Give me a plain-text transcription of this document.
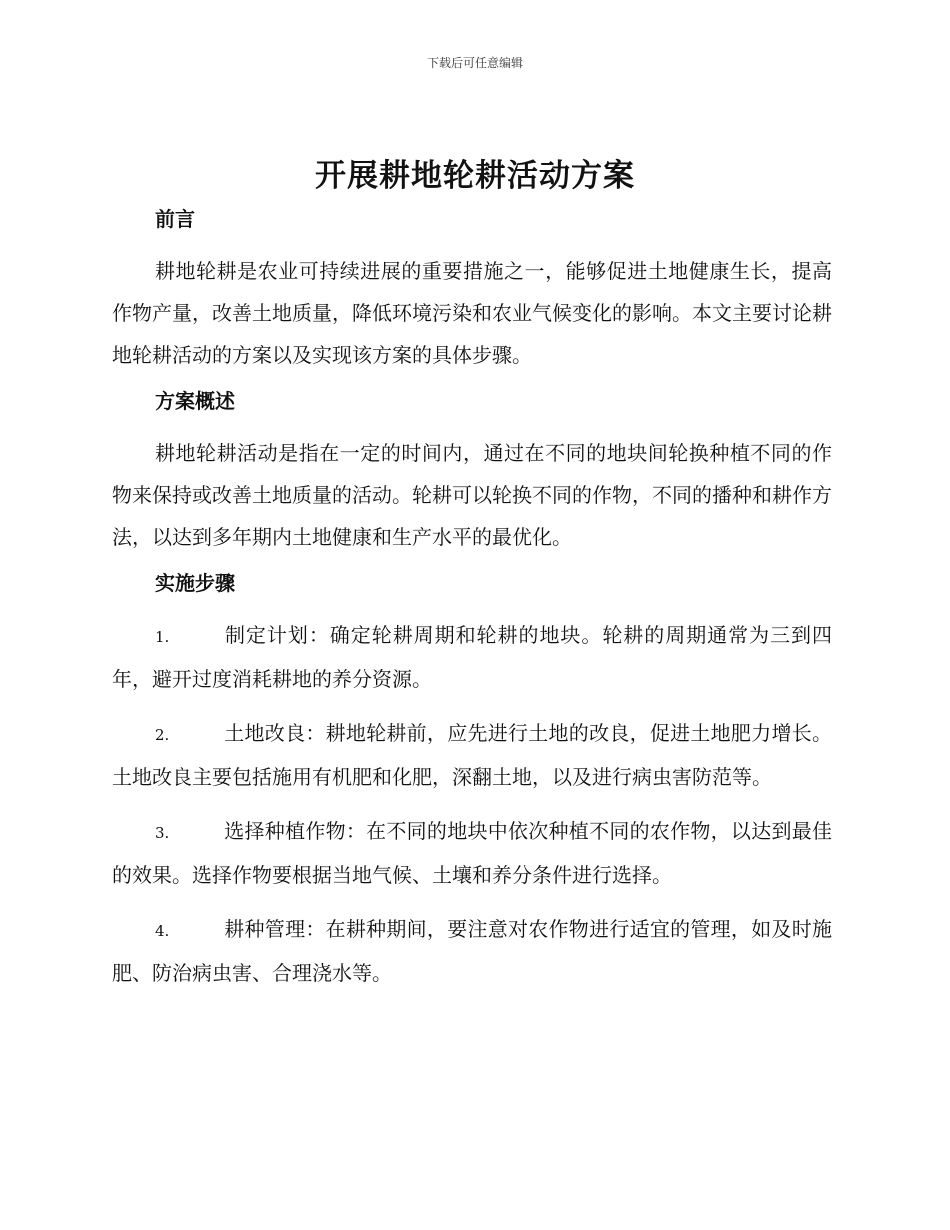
下载后可任意编辑
开展耕地轮耕活动方案
前言

耕地轮耕是农业可持续进展的重要措施之一，能够促进土地健康生长，提高作物产量，改善土地质量，降低环境污染和农业气候变化的影响。本文主要讨论耕地轮耕活动的方案以及实现该方案的具体步骤。

方案概述

耕地轮耕活动是指在一定的时间内，通过在不同的地块间轮换种植不同的作物来保持或改善土地质量的活动。轮耕可以轮换不同的作物，不同的播种和耕作方法，以达到多年期内土地健康和生产水平的最优化。

实施步骤

1.	制定计划：确定轮耕周期和轮耕的地块。轮耕的周期通常为三到四年，避开过度消耗耕地的养分资源。

2.	土地改良：耕地轮耕前，应先进行土地的改良，促进土地肥力增长。土地改良主要包括施用有机肥和化肥，深翻土地，以及进行病虫害防范等。

3.	选择种植作物：在不同的地块中依次种植不同的农作物，以达到最佳的效果。选择作物要根据当地气候、土壤和养分条件进行选择。

4.	耕种管理：在耕种期间，要注意对农作物进行适宜的管理，如及时施肥、防治病虫害、合理浇水等。
